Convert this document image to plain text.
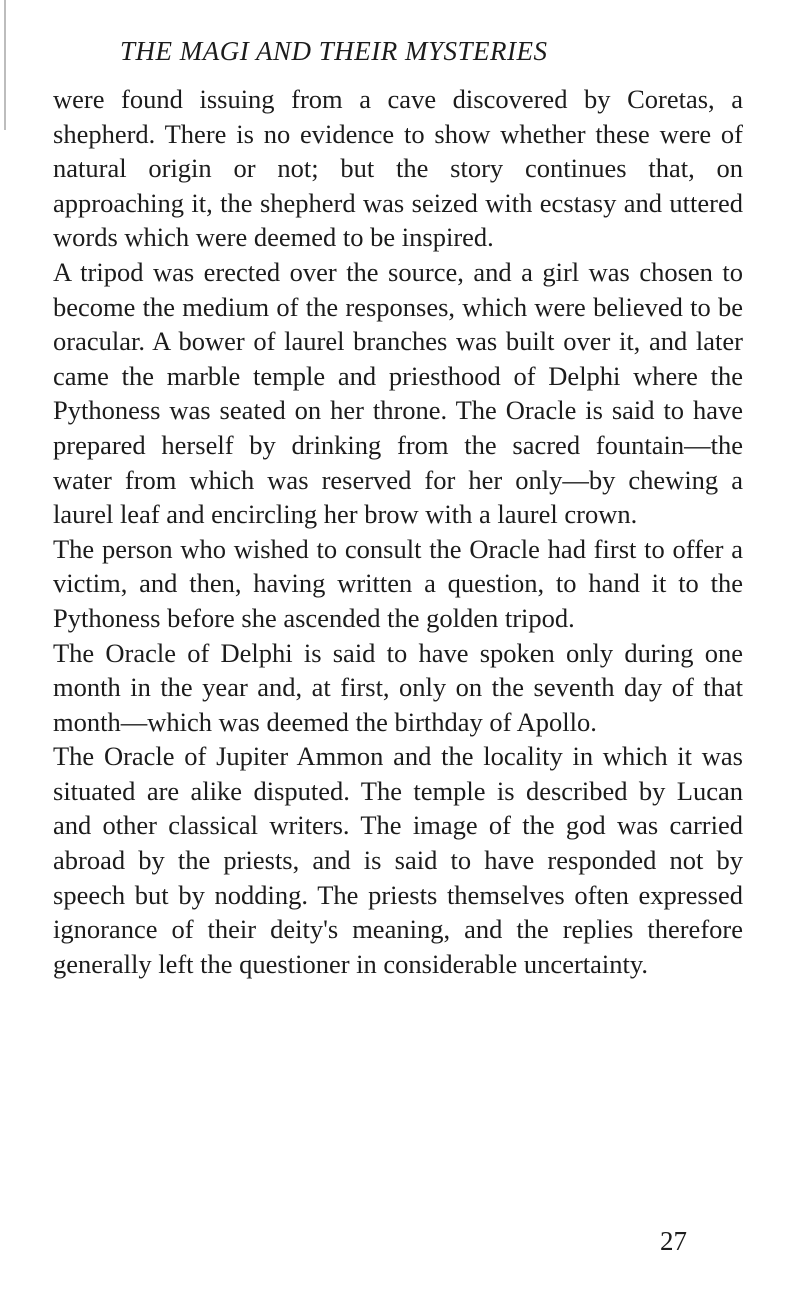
THE MAGI AND THEIR MYSTERIES

were found issuing from a cave discovered by Coretas, a shepherd. There is no evidence to show whether these were of natural origin or not; but the story continues that, on approaching it, the shepherd was seized with ecstasy and uttered words which were deemed to be inspired.

A tripod was erected over the source, and a girl was chosen to become the medium of the responses, which were believed to be oracular. A bower of laurel branches was built over it, and later came the marble temple and priesthood of Delphi where the Pythoness was seated on her throne. The Oracle is said to have prepared herself by drinking from the sacred fountain—the water from which was reserved for her only—by chewing a laurel leaf and encircling her brow with a laurel crown.

The person who wished to consult the Oracle had first to offer a victim, and then, having written a question, to hand it to the Pythoness before she ascended the golden tripod.

The Oracle of Delphi is said to have spoken only during one month in the year and, at first, only on the seventh day of that month—which was deemed the birthday of Apollo.

The Oracle of Jupiter Ammon and the locality in which it was situated are alike disputed. The temple is described by Lucan and other classical writers. The image of the god was carried abroad by the priests, and is said to have responded not by speech but by nodding. The priests themselves often expressed ignorance of their deity's meaning, and the replies therefore generally left the questioner in considerable uncertainty.

27
